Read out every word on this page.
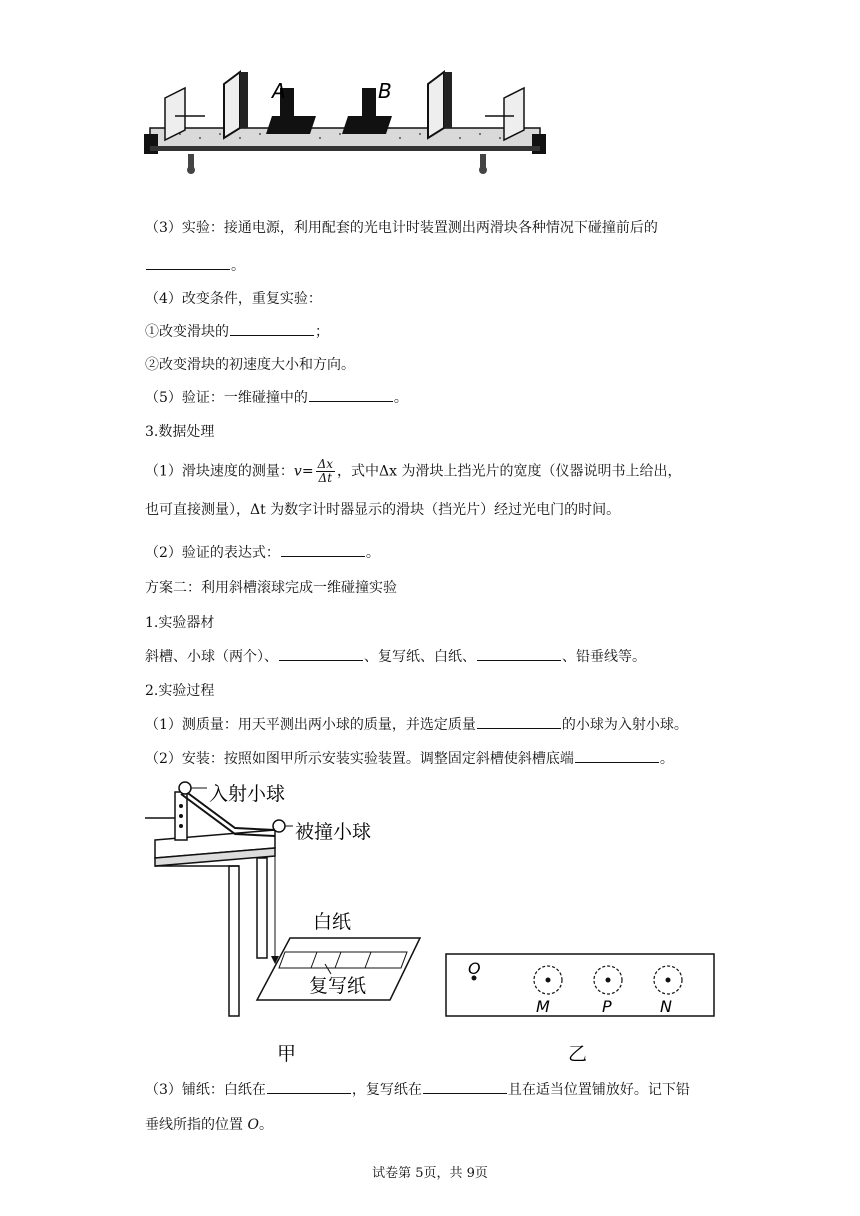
A	B
（3）实验：接通电源，利用配套的光电计时装置测出两滑块各种情况下碰撞前后的
。
（4）改变条件，重复实验：
①改变滑块的	；
②改变滑块的初速度大小和方向。
（5）验证：一维碰撞中的	。
3.数据处理
（1）滑块速度的测量：$v= \frac{\Delta x}{\Delta t}$ ，式中Δx 为滑块上挡光片的宽度（仪器说明书上给出，
也可直接测量），Δt 为数字计时器显示的滑块（挡光片）经过光电门的时间。
（2）验证的表达式：	。
方案二：利用斜槽滚球完成一维碰撞实验
1.实验器材
斜槽、小球（两个）、	、复写纸、白纸、	、铅垂线等。
2.实验过程
（1）测质量：用天平测出两小球的质量，并选定质量	的小球为入射小球。
（2）安装：按照如图甲所示安装实验装置。调整固定斜槽使斜槽底端	。
入射小球
被撞小球
白纸
复写纸
甲
O
M	P	N
乙
（3）铺纸：白纸在	，复写纸在	且在适当位置铺放好。记下铅
垂线所指的位置 O。
试卷第 5页，共 9页
